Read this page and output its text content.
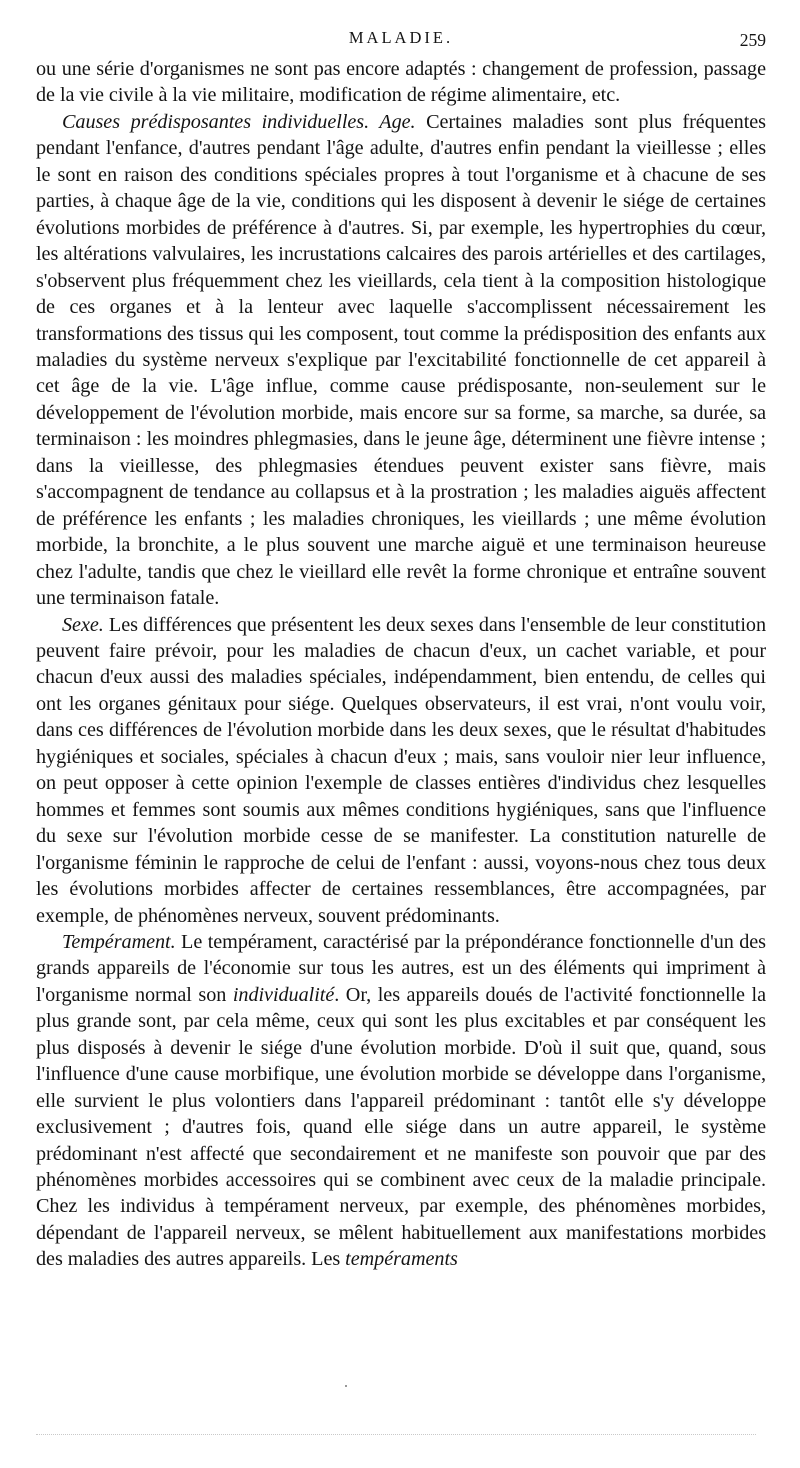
MALADIE.	259

ou une série d'organismes ne sont pas encore adaptés : changement de profession, passage de la vie civile à la vie militaire, modification de régime alimentaire, etc.

Causes prédisposantes individuelles. Age. Certaines maladies sont plus fréquentes pendant l'enfance, d'autres pendant l'âge adulte, d'autres enfin pendant la vieillesse ; elles le sont en raison des conditions spéciales propres à tout l'organisme et à chacune de ses parties, à chaque âge de la vie, conditions qui les disposent à devenir le siége de certaines évolutions morbides de préférence à d'autres. Si, par exemple, les hypertrophies du cœur, les altérations valvulaires, les incrustations calcaires des parois artérielles et des cartilages, s'observent plus fréquemment chez les vieillards, cela tient à la composition histologique de ces organes et à la lenteur avec laquelle s'accomplissent nécessairement les transformations des tissus qui les composent, tout comme la prédisposition des enfants aux maladies du système nerveux s'explique par l'excitabilité fonctionnelle de cet appareil à cet âge de la vie. L'âge influe, comme cause prédisposante, non-seulement sur le développement de l'évolution morbide, mais encore sur sa forme, sa marche, sa durée, sa terminaison : les moindres phlegmasies, dans le jeune âge, déterminent une fièvre intense ; dans la vieillesse, des phlegmasies étendues peuvent exister sans fièvre, mais s'accompagnent de tendance au collapsus et à la prostration ; les maladies aiguës affectent de préférence les enfants ; les maladies chroniques, les vieillards ; une même évolution morbide, la bronchite, a le plus souvent une marche aiguë et une terminaison heureuse chez l'adulte, tandis que chez le vieillard elle revêt la forme chronique et entraîne souvent une terminaison fatale.

Sexe. Les différences que présentent les deux sexes dans l'ensemble de leur constitution peuvent faire prévoir, pour les maladies de chacun d'eux, un cachet variable, et pour chacun d'eux aussi des maladies spéciales, indépendamment, bien entendu, de celles qui ont les organes génitaux pour siége. Quelques observateurs, il est vrai, n'ont voulu voir, dans ces différences de l'évolution morbide dans les deux sexes, que le résultat d'habitudes hygiéniques et sociales, spéciales à chacun d'eux ; mais, sans vouloir nier leur influence, on peut opposer à cette opinion l'exemple de classes entières d'individus chez lesquelles hommes et femmes sont soumis aux mêmes conditions hygiéniques, sans que l'influence du sexe sur l'évolution morbide cesse de se manifester. La constitution naturelle de l'organisme féminin le rapproche de celui de l'enfant : aussi, voyons-nous chez tous deux les évolutions morbides affecter de certaines ressemblances, être accompagnées, par exemple, de phénomènes nerveux, souvent prédominants.

Tempérament. Le tempérament, caractérisé par la prépondérance fonctionnelle d'un des grands appareils de l'économie sur tous les autres, est un des éléments qui impriment à l'organisme normal son individualité. Or, les appareils doués de l'activité fonctionnelle la plus grande sont, par cela même, ceux qui sont les plus excitables et par conséquent les plus disposés à devenir le siége d'une évolution morbide. D'où il suit que, quand, sous l'influence d'une cause morbifique, une évolution morbide se développe dans l'organisme, elle survient le plus volontiers dans l'appareil prédominant : tantôt elle s'y développe exclusivement ; d'autres fois, quand elle siége dans un autre appareil, le système prédominant n'est affecté que secondairement et ne manifeste son pouvoir que par des phénomènes morbides accessoires qui se combinent avec ceux de la maladie principale. Chez les individus à tempérament nerveux, par exemple, des phénomènes morbides, dépendant de l'appareil nerveux, se mêlent habituellement aux manifestations morbides des maladies des autres appareils. Les tempéraments
